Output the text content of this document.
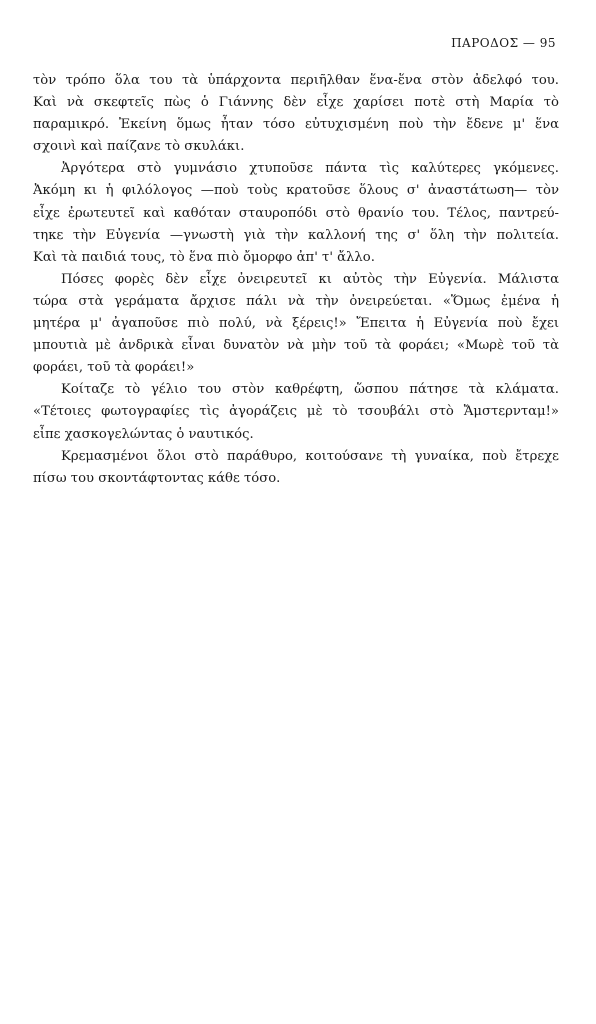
ΠΑΡΟΔΟΣ — 95
τὸν τρόπο ὅλα του τὰ ὑπάρχοντα περιῆλθαν ἕνα-ἕνα στὸν ἀδελφό του.
Καὶ νὰ σκεφτεῖς πὼς ὁ Γιάννης δὲν εἶχε χαρίσει ποτὲ στὴ Μαρία τὸ
παραμικρό. Ἐκείνη ὅμως ἦταν τόσο εὐτυχισμένη ποὺ τὴν ἔδενε μ' ἕνα
σχοινὶ καὶ παίζανε τὸ σκυλάκι.
Ἀργότερα στὸ γυμνάσιο χτυποῦσε πάντα τὶς καλύτερες γκόμενες.
Ἀκόμη κι ἡ φιλόλογος —ποὺ τοὺς κρατοῦσε ὅλους σ' ἀναστάτωση— τὸν
εἶχε ἐρωτευτεῖ καὶ καθόταν σταυροπόδι στὸ θρανίο του. Τέλος, παντρεύ-
τηκε τὴν Εὐγενία —γνωστὴ γιὰ τὴν καλλονή της σ' ὅλη τὴν πολιτεία.
Καὶ τὰ παιδιά τους, τὸ ἕνα πιὸ ὄμορφο ἀπ' τ' ἄλλο.
Πόσες φορὲς δὲν εἶχε ὀνειρευτεῖ κι αὐτὸς τὴν Εὐγενία. Μάλιστα
τώρα στὰ γεράματα ἄρχισε πάλι νὰ τὴν ὀνειρεύεται. «Ὅμως ἐμένα ἡ
μητέρα μ' ἀγαποῦσε πιὸ πολύ, νὰ ξέρεις!» Ἔπειτα ἡ Εὐγενία ποὺ ἔχει
μπουτιὰ μὲ ἀνδρικὰ εἶναι δυνατὸν νὰ μὴν τοῦ τὰ φοράει; «Μωρὲ τοῦ τὰ
φοράει, τοῦ τὰ φοράει!»
Κοίταζε τὸ γέλιο του στὸν καθρέφτη, ὥσπου πάτησε τὰ κλάματα.
«Τέτοιες φωτογραφίες τὶς ἀγοράζεις μὲ τὸ τσουβάλι στὸ Ἄμστερνταμ!»
εἶπε χασκογελώντας ὁ ναυτικός.
Κρεμασμένοι ὅλοι στὸ παράθυρο, κοιτούσανε τὴ γυναίκα, ποὺ ἔτρεχε
πίσω του σκοντάφτοντας κάθε τόσο.
